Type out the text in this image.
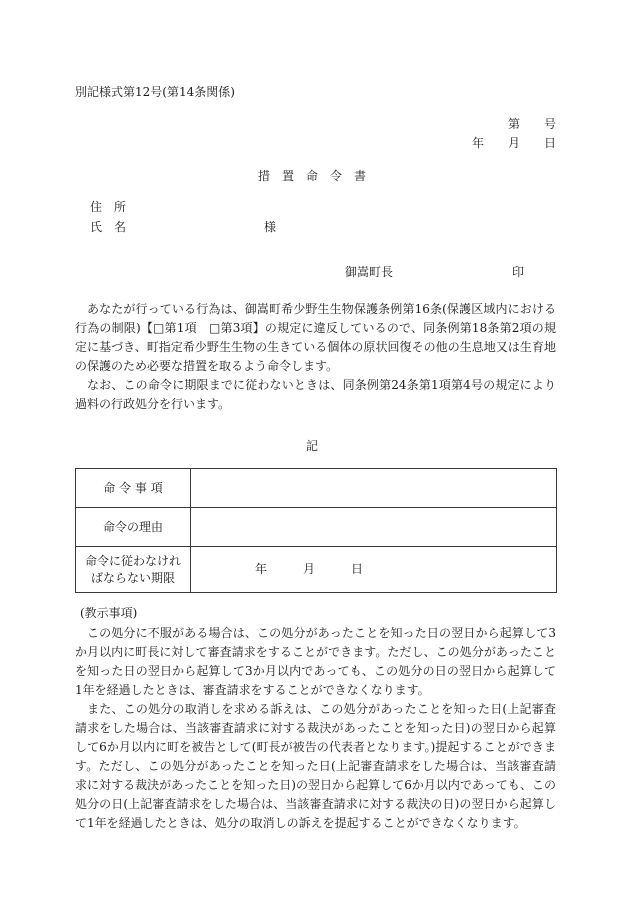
別記様式第12号(第14条関係)
第　　号
年　　月　　日
措　置　命　令　書
住　所
氏　名	様
御嵩町長	印

あなたが行っている行為は、御嵩町希少野生生物保護条例第16条(保護区域内における行為の制限)【□第1項　□第3項】の規定に違反しているので、同条例第18条第2項の規定に基づき、町指定希少野生生物の生きている個体の原状回復その他の生息地又は生育地の保護のため必要な措置を取るよう命令します。

なお、この命令に期限までに従わないときは、同条例第24条第1項第4号の規定により過料の行政処分を行います。

記
命 令 事 項	
命令の理由	
命令に従わなけれ
ばならない期限	年　　　月　　　日
(教示事項)

この処分に不服がある場合は、この処分があったことを知った日の翌日から起算して3か月以内に町長に対して審査請求をすることができます。ただし、この処分があったことを知った日の翌日から起算して3か月以内であっても、この処分の日の翌日から起算して1年を経過したときは、審査請求をすることができなくなります。

また、この処分の取消しを求める訴えは、この処分があったことを知った日(上記審査請求をした場合は、当該審査請求に対する裁決があったことを知った日)の翌日から起算して6か月以内に町を被告として(町長が被告の代表者となります。)提起することができます。ただし、この処分があったことを知った日(上記審査請求をした場合は、当該審査請求に対する裁決があったことを知った日)の翌日から起算して6か月以内であっても、この処分の日(上記審査請求をした場合は、当該審査請求に対する裁決の日)の翌日から起算して1年を経過したときは、処分の取消しの訴えを提起することができなくなります。
